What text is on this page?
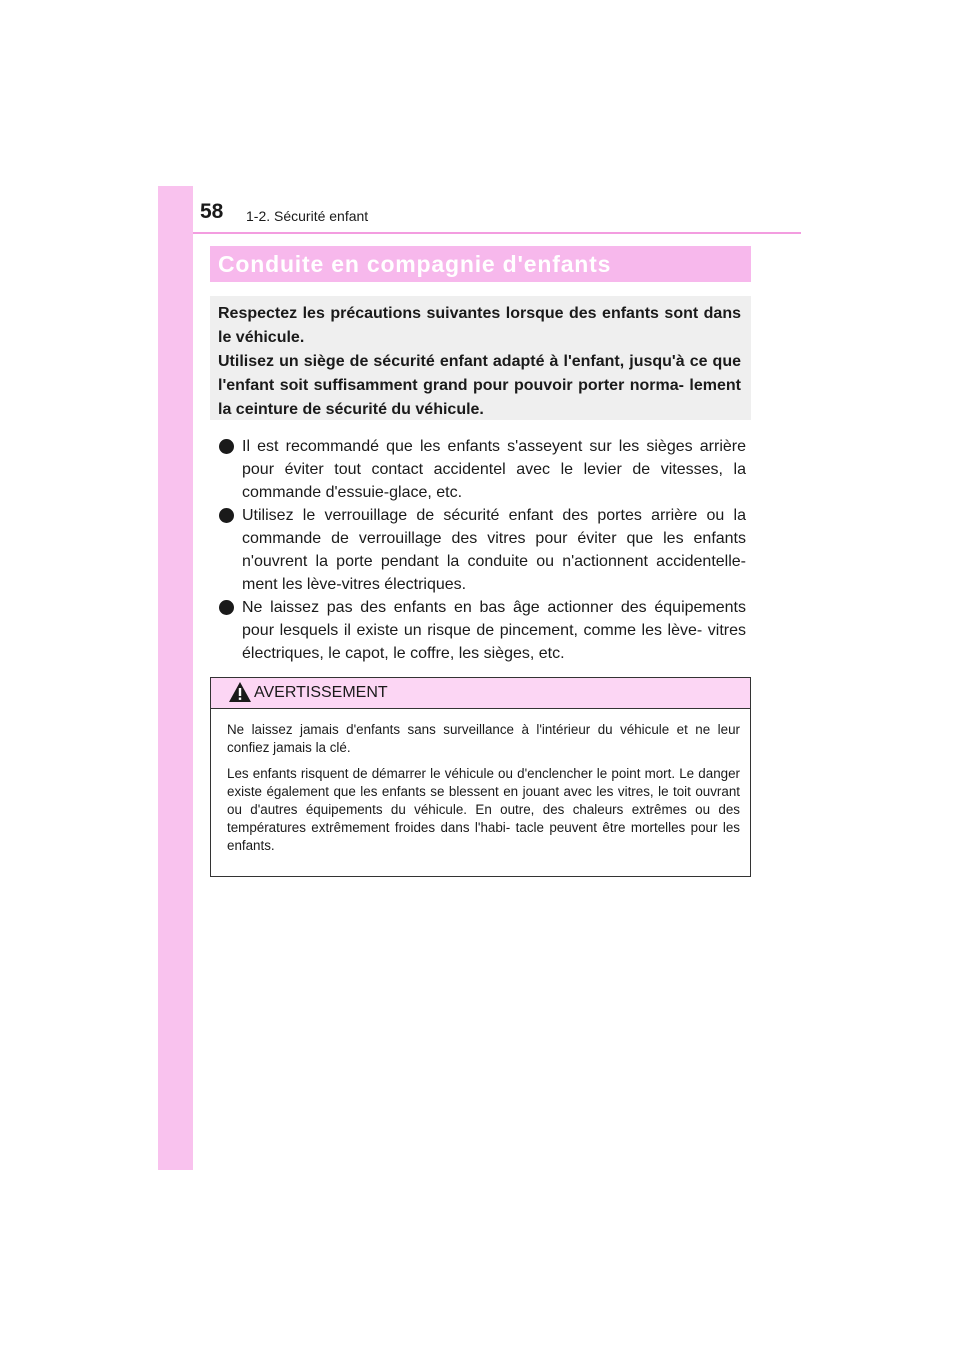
58 1-2. Sécurité enfant
Conduite en compagnie d'enfants

Respectez les précautions suivantes lorsque des enfants sont dans le véhicule.

Utilisez un siège de sécurité enfant adapté à l'enfant, jusqu'à ce que l'enfant soit suffisamment grand pour pouvoir porter norma- lement la ceinture de sécurité du véhicule.

Il est recommandé que les enfants s'asseyent sur les sièges arrière pour éviter tout contact accidentel avec le levier de vitesses, la commande d'essuie-glace, etc.
Utilisez le verrouillage de sécurité enfant des portes arrière ou la commande de verrouillage des vitres pour éviter que les enfants n'ouvrent la porte pendant la conduite ou n'actionnent accidentelle- ment les lève-vitres électriques.
Ne laissez pas des enfants en bas âge actionner des équipements pour lesquels il existe un risque de pincement, comme les lève- vitres électriques, le capot, le coffre, les sièges, etc.
AVERTISSEMENT

Ne laissez jamais d'enfants sans surveillance à l'intérieur du véhicule et ne leur confiez jamais la clé.

Les enfants risquent de démarrer le véhicule ou d'enclencher le point mort. Le danger existe également que les enfants se blessent en jouant avec les vitres, le toit ouvrant ou d'autres équipements du véhicule. En outre, des chaleurs extrêmes ou des températures extrêmement froides dans l'habi- tacle peuvent être mortelles pour les enfants.
